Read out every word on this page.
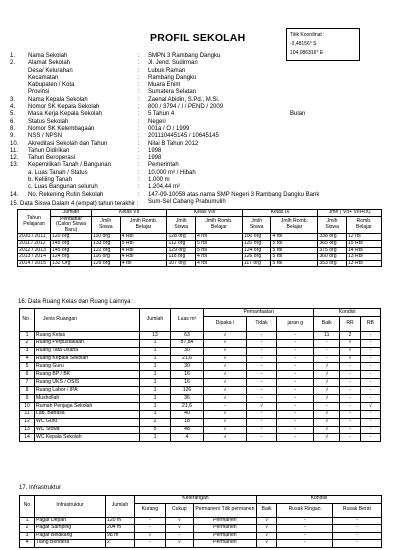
PROFIL SEKOLAH	Titik Koordinat :
-3,48156° S
104,086316° E
1.	Nama Sekolah	:	SMPN 3 Rambang Dangku
2.	Alamat Sekolah	:	Jl. Jend. Sudirman
Desa/ Kelurahan	:	Lubuk Raman
Kecamatan	:	Rambang Dangku
Kabupaten / Kota	:	Muara Enim
Provinsi	:	Sumatera Selatan
3.	Nama Kepala Sekolah	:	Zaenal Abidin, S.Pd., M.Si.
4.	Nomor SK Kepala Sekolah	:	800 / 3794 / I / PEND / 2009
5.	Masa Kerja Kepala Sekolah	:	5 Tahun 4	Bulan
6.	Status Sekolah	:	Negeri
8.	Nomor SK Kelembagaan	:	001a / O / 1999
9.	NSS / NPSN	:	201110445145 / 10645145
10.	Akreditasi Sekolah dan Tahun	:	Nilai B Tahun 2012
11.	Tahun Didirikan	:	1998
12.	Tahun Beroperasi	:	1998
13.	Kepemilikan Tanah / Bangunan	:	Pemerintah
a. Luas Tanah / Status	:	10.000 m² / Hibah
b. Keliling Tanah	:	1.000 m
c. Luas Bangunan seluruh	:	1.204,44 m²
14.	No. Rekening Rutin Sekolah	:	147-09-10058 atas nama SMP Negeri 3 Rambang Dangku Bank
Sum-Sel Cabang Prabumulih
15. Data Siswa Dalam 4 (empat) tahun terakhir :
Tahun Pelajaran	Jumlah	Kelas VII		Kelas VIII		Kelas IX		Jmh ( VII+ VIII+IX)	
	Pendaftar (Calon Siswa Baru)	Jmlh Siswa	Jmlh Romb. Belajar	Jmlh Siswa	Jmlh Romb. Belajar	Jmlh Siswa	Jmlh Romb. Belajar	Jmlh Siswa	Romb. Belajar

2010 / 2011	120 org	110 org	4 Rbl	128 org	4 rbl	100 org	4 rbl	338 org	12 rbl
2011 / 2012	145 org	133 org	5 Rbl	112 org	5 rbl	120 org	5 rbl	365 org	15 Rbl
2012 / 2013	145 org	122 org	4 Rbl	129 org	5 rbl	124 org	5 rbl	375 org	14 Rbl
2013 / 2014	124 org	116 org	4 Rbl	118 org	4 rbl	126 org	5 rbl	360 org	13 Rbl
2014 / 2015	132 Org	129 org	4 rbl	107 org	4 rbl	117 org	5 rbl	353 org	13 Rbl
16. Data Ruang Kelas dan Ruang Lainnya :
No .	Jenis Ruangan	Jumlah	Luas m²	Pemanfaatan			Kondisi		
				Dipaka i	Tidak	jaran g	Baik	RR	RB
1	Ruang Kelas	13	63	√	-	-	11	2	-
2	Ruang Perpustakaan	1	87,84	√	-	-	-	√	-
3	Ruang Tata Usaha	1	30	√	-	-	-	√	-
4	Ruang Kepala Sekolah	1	21,6	√	-	-	-	√	-
5	Ruang Guru	1	30	√	-	-	√	-	-
6	Ruang BP / BK	1	16	√	-	-	√	-	-
7	Ruang UKS / OSIS	1	16	√	-	-	√	-	-
8	Ruang Labor / IPA	1	126	√	-	-	√	-	-
9	Mushollah	1	36	√	-	-	√	-	-
10	Rumah Penjaga Sekolah	1	21,6	-	√	-	-	-	√
11	Lab. Bahasa	1	40	√	-	-	√	-	-
12	WC Guru	2	18	√	-	-	√	-	-
13	WC Siswa	5	48	√	-	-	√	-	-
14	WC Kepala Sekolah	1	4	√	-	-	√	-	-
17. Infrastruktur
No	Infrastruktur	Jumlah	Keterangan			Kondisi		
			Kurang	Cukup	Permanen/ Tdk permanen	Baik	Rusak Ringan	Rusak Berat
1	Pagar Depan	120 m	-	√	Permanen	√	-	-
2	Pagar Samping	204 m	-	√	Permanen	√	-	-
3	Pagar Belakang	98 m	√	-	Permanen	√	-	-
4	Tiang Bendera	2	-	√	Permanen	√	-	-
